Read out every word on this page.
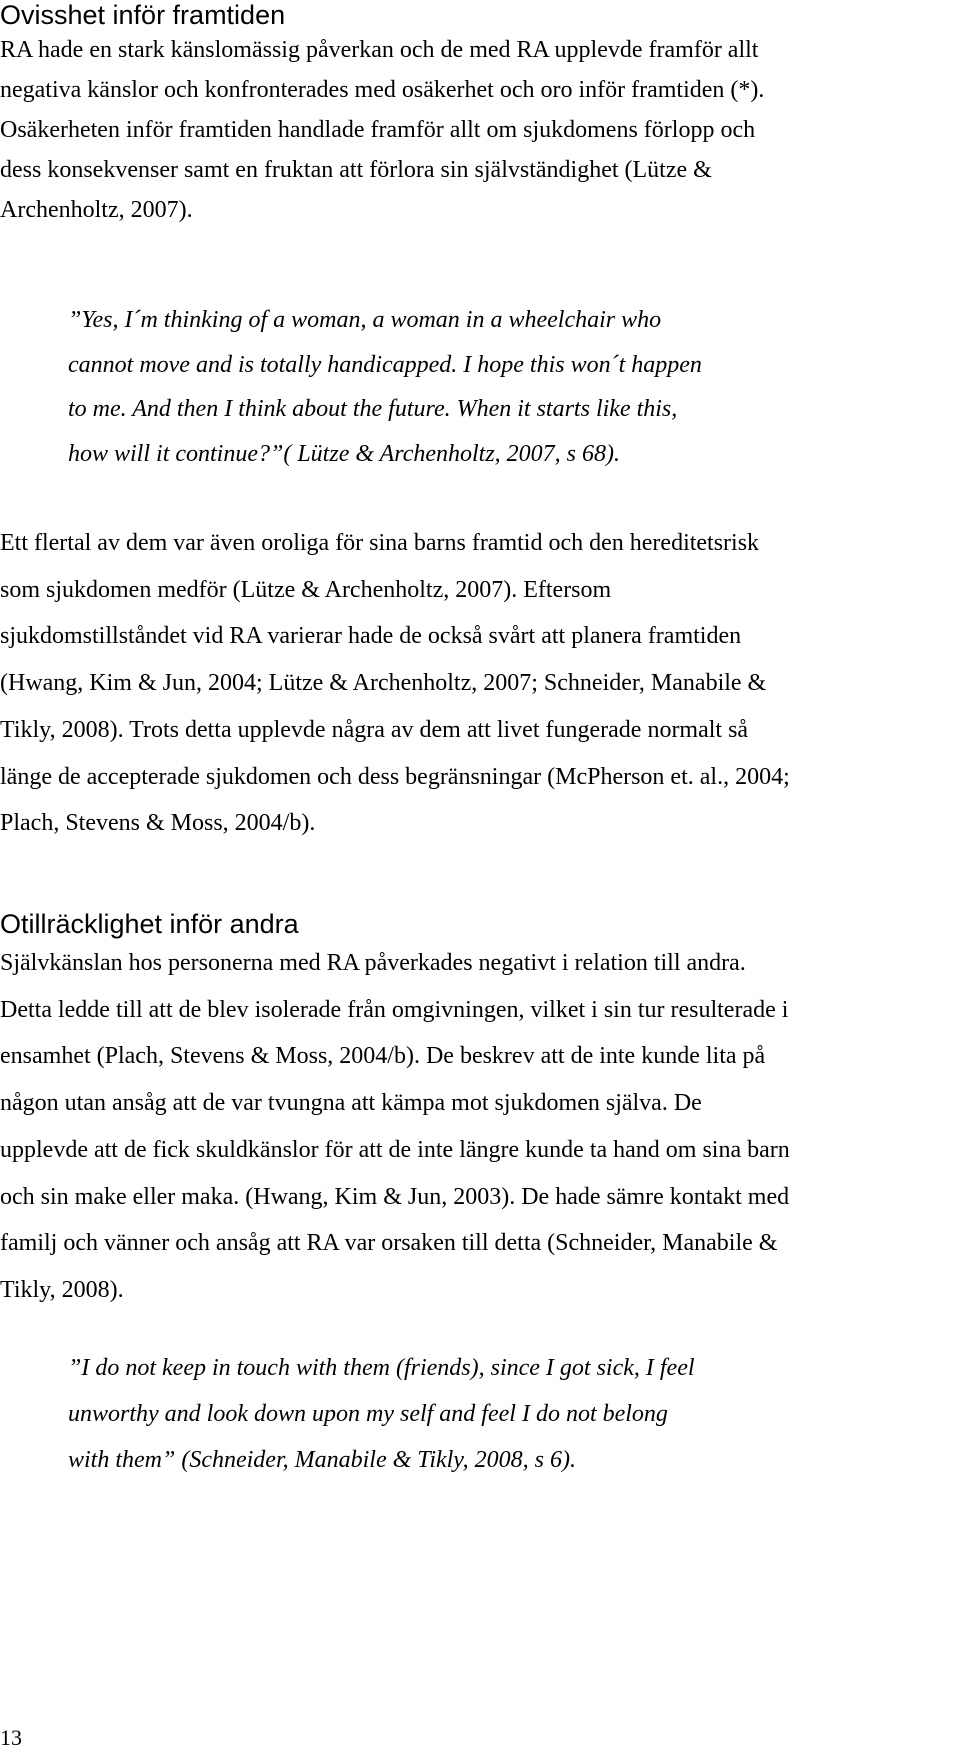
Ovisshet inför framtiden
RA hade en stark känslomässig påverkan och de med RA upplevde framför allt
negativa känslor och konfronterades med osäkerhet och oro inför framtiden (*).
Osäkerheten inför framtiden handlade framför allt om sjukdomens förlopp och
dess konsekvenser samt en fruktan att förlora sin självständighet (Lütze &
Archenholtz, 2007).
”Yes, I´m thinking of a woman, a woman in a wheelchair who
cannot move and is totally handicapped. I hope this won´t happen
to me. And then I think about the future. When it starts like this,
how will it continue?”( Lütze & Archenholtz, 2007, s 68).
Ett flertal av dem var även oroliga för sina barns framtid och den hereditetsrisk
som sjukdomen medför (Lütze & Archenholtz, 2007). Eftersom
sjukdomstillståndet vid RA varierar hade de också svårt att planera framtiden
(Hwang, Kim & Jun, 2004; Lütze & Archenholtz, 2007; Schneider, Manabile &
Tikly, 2008). Trots detta upplevde några av dem att livet fungerade normalt så
länge de accepterade sjukdomen och dess begränsningar (McPherson et. al., 2004;
Plach, Stevens & Moss, 2004/b).
Otillräcklighet inför andra
Självkänslan hos personerna med RA påverkades negativt i relation till andra.
Detta ledde till att de blev isolerade från omgivningen, vilket i sin tur resulterade i
ensamhet (Plach, Stevens & Moss, 2004/b). De beskrev att de inte kunde lita på
någon utan ansåg att de var tvungna att kämpa mot sjukdomen själva. De
upplevde att de fick skuldkänslor för att de inte längre kunde ta hand om sina barn
och sin make eller maka. (Hwang, Kim & Jun, 2003). De hade sämre kontakt med
familj och vänner och ansåg att RA var orsaken till detta (Schneider, Manabile &
Tikly, 2008).
”I do not keep in touch with them (friends), since I got sick, I feel
unworthy and look down upon my self and feel I do not belong
with them” (Schneider, Manabile & Tikly, 2008, s 6).
13
